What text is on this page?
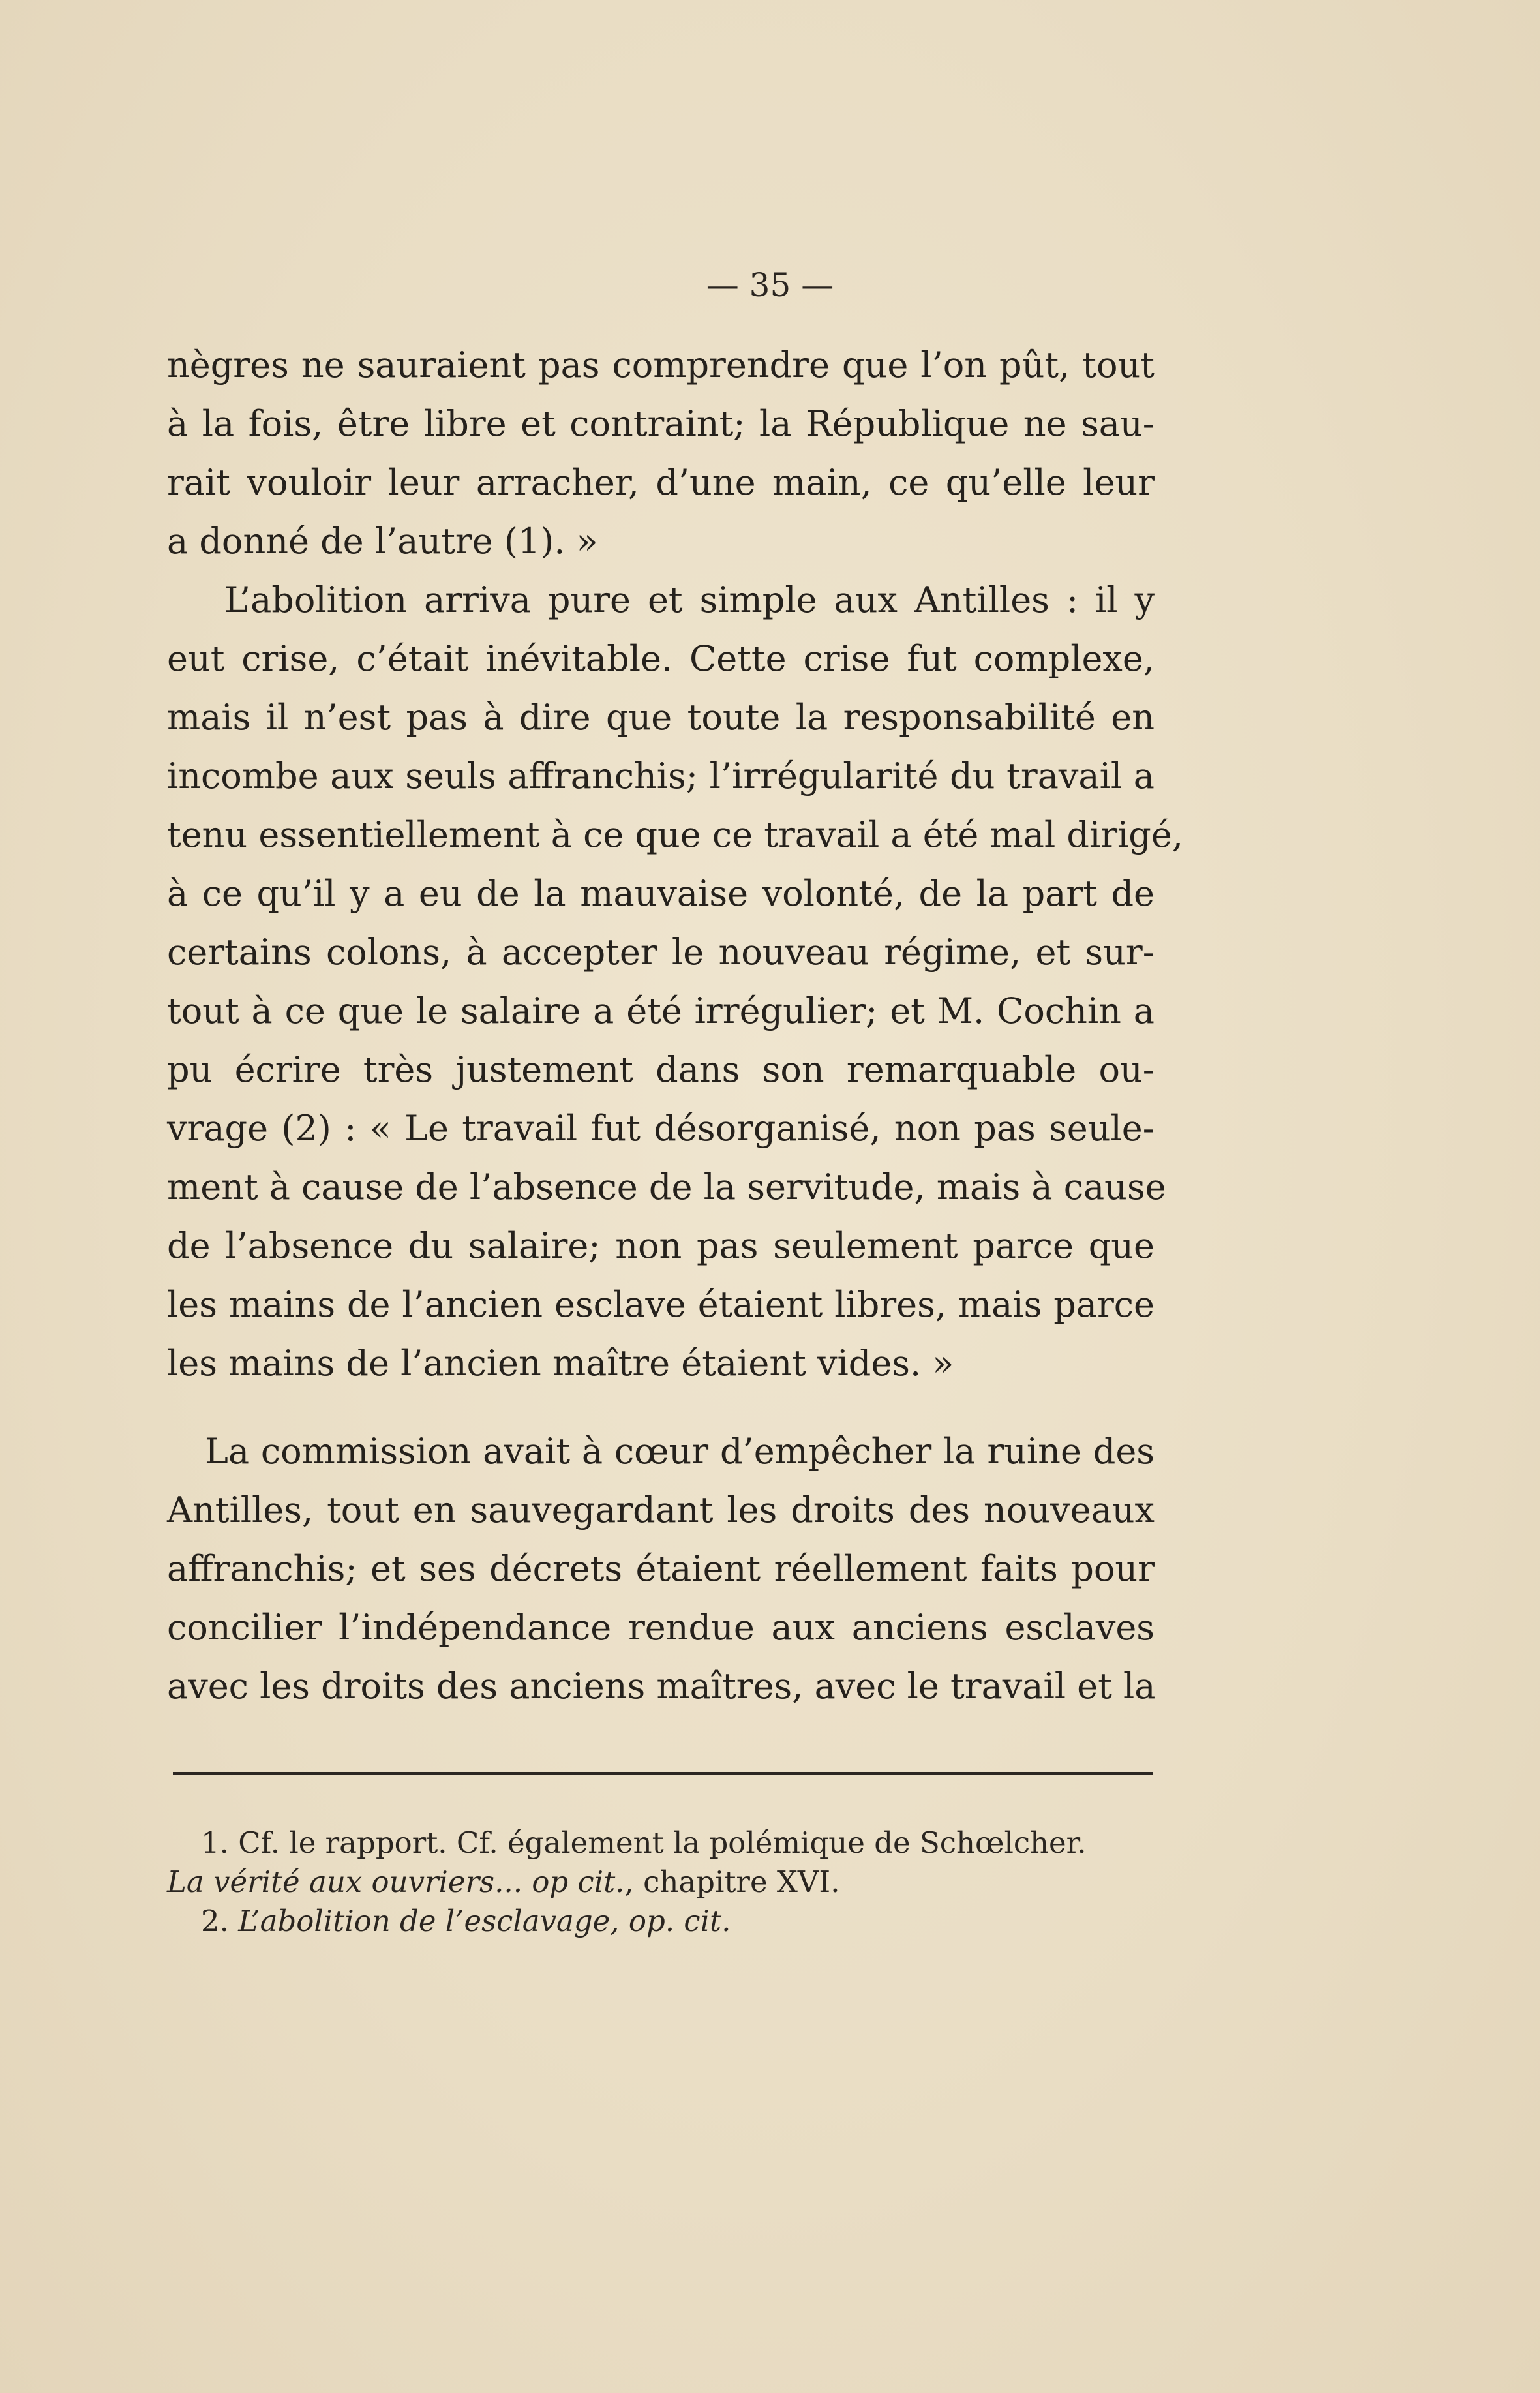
— 35 —

nègres ne sauraient pas comprendre que l’on pût, tout
à la fois, être libre et contraint; la République ne sau-
rait vouloir leur arracher, d’une main, ce qu’elle leur
a donné de l’autre (1). »

L’abolition arriva pure et simple aux Antilles : il y
eut crise, c’était inévitable. Cette crise fut complexe,
mais il n’est pas à dire que toute la responsabilité en
incombe aux seuls affranchis; l’irrégularité du travail a
tenu essentiellement à ce que ce travail a été mal dirigé,
à ce qu’il y a eu de la mauvaise volonté, de la part de
certains colons, à accepter le nouveau régime, et sur-
tout à ce que le salaire a été irrégulier; et M. Cochin a
pu écrire très justement dans son remarquable ou-
vrage (2) : « Le travail fut désorganisé, non pas seule-
ment à cause de l’absence de la servitude, mais à cause
de l’absence du salaire; non pas seulement parce que
les mains de l’ancien esclave étaient libres, mais parce
les mains de l’ancien maître étaient vides. »

La commission avait à cœur d’empêcher la ruine des
Antilles, tout en sauvegardant les droits des nouveaux
affranchis; et ses décrets étaient réellement faits pour
concilier l’indépendance rendue aux anciens esclaves
avec les droits des anciens maîtres, avec le travail et la

1. Cf. le rapport. Cf. également la polémique de Schœlcher.
La vérité aux ouvriers... op cit., chapitre XVI.
2. L’abolition de l’esclavage, op. cit.
